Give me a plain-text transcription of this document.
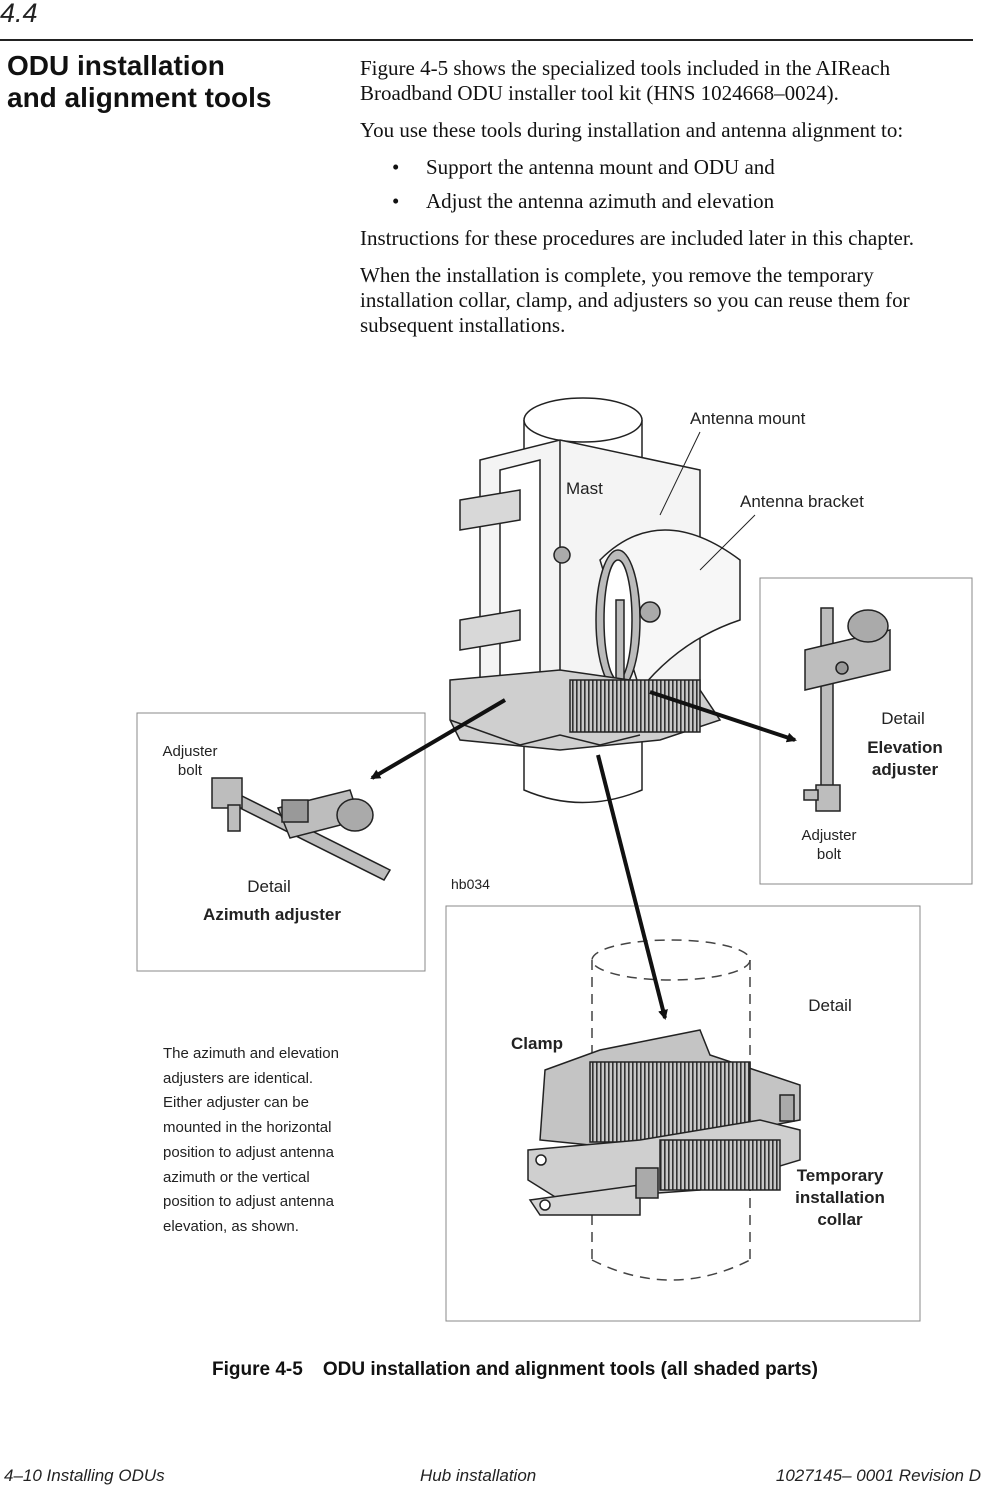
4.4
ODU installation
and alignment tools

Figure 4-5 shows the specialized tools included in the AIReach Broadband ODU installer tool kit (HNS 1024668–0024).

You use these tools during installation and antenna alignment to:

• Support the antenna mount and ODU and
• Adjust the antenna azimuth and elevation

Instructions for these procedures are included later in this chapter.

When the installation is complete, you remove the temporary installation collar, clamp, and adjusters so you can reuse them for subsequent installations.

Antenna mount
Mast
Antenna bracket
Detail
Elevation
adjuster
Adjuster
bolt
Adjuster
bolt
Detail
Azimuth adjuster
hb034
Detail
Clamp
Temporary
installation
collar
The azimuth and elevation
adjusters are identical.
Either adjuster can be
mounted in the horizontal
position to adjust antenna
azimuth or the vertical
position to adjust antenna
elevation, as shown.
Figure 4-5 ODU installation and alignment tools (all shaded parts)
4–10 Installing ODUs	Hub installation	1027145– 0001 Revision D
